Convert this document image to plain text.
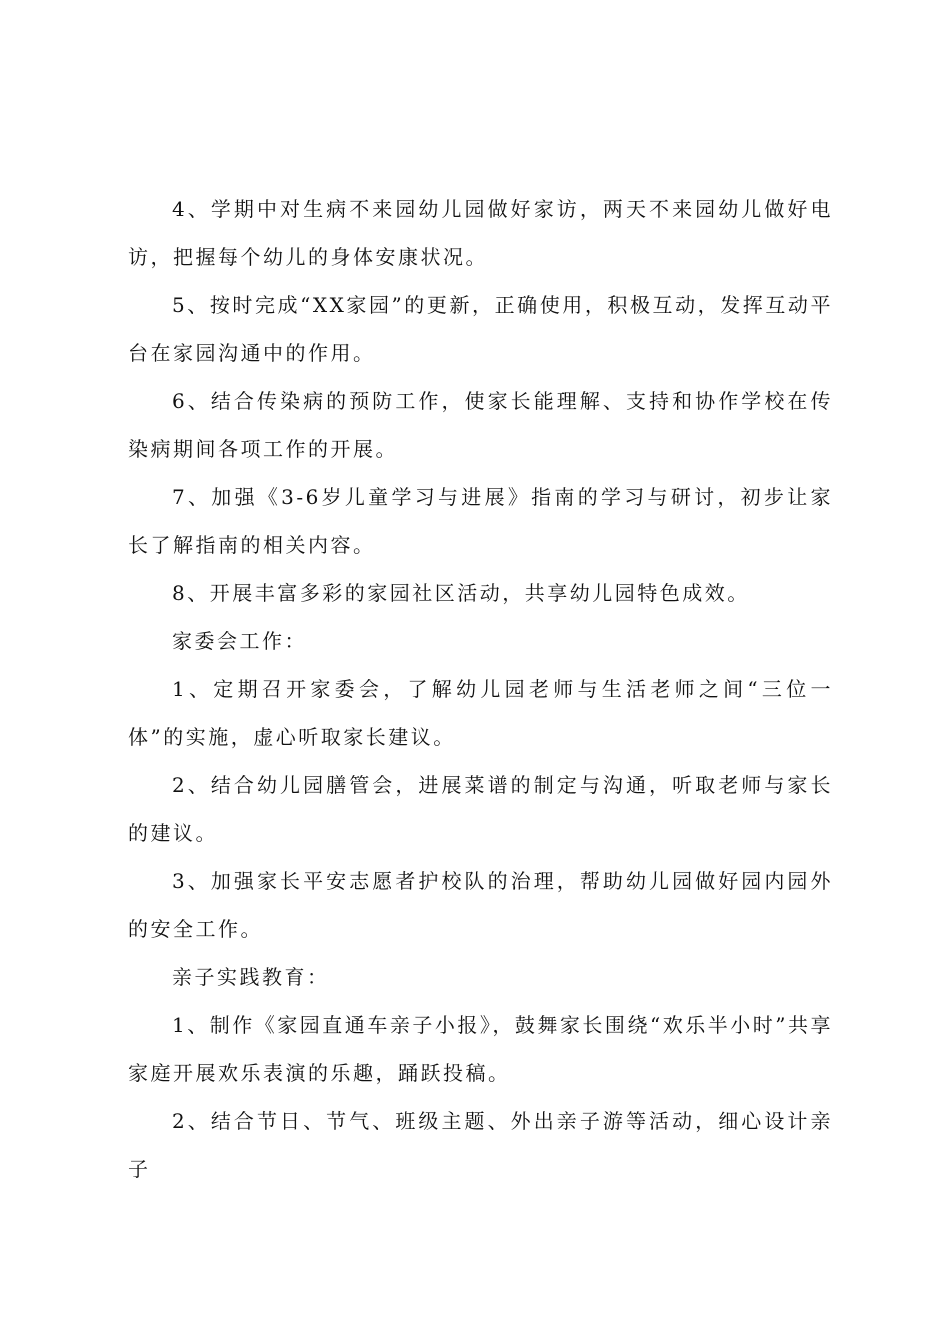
4、学期中对生病不来园幼儿园做好家访，两天不来园幼儿做好电访，把握每个幼儿的身体安康状况。

5、按时完成“XX家园”的更新，正确使用，积极互动，发挥互动平台在家园沟通中的作用。

6、结合传染病的预防工作，使家长能理解、支持和协作学校在传染病期间各项工作的开展。

7、加强《3-6岁儿童学习与进展》指南的学习与研讨，初步让家长了解指南的相关内容。

8、开展丰富多彩的家园社区活动，共享幼儿园特色成效。

家委会工作：

1、定期召开家委会，了解幼儿园老师与生活老师之间“三位一体”的实施，虚心听取家长建议。

2、结合幼儿园膳管会，进展菜谱的制定与沟通，听取老师与家长的建议。

3、加强家长平安志愿者护校队的治理，帮助幼儿园做好园内园外的安全工作。

亲子实践教育：

1、制作《家园直通车亲子小报》，鼓舞家长围绕“欢乐半小时”共享家庭开展欢乐表演的乐趣，踊跃投稿。

2、结合节日、节气、班级主题、外出亲子游等活动，细心设计亲子
